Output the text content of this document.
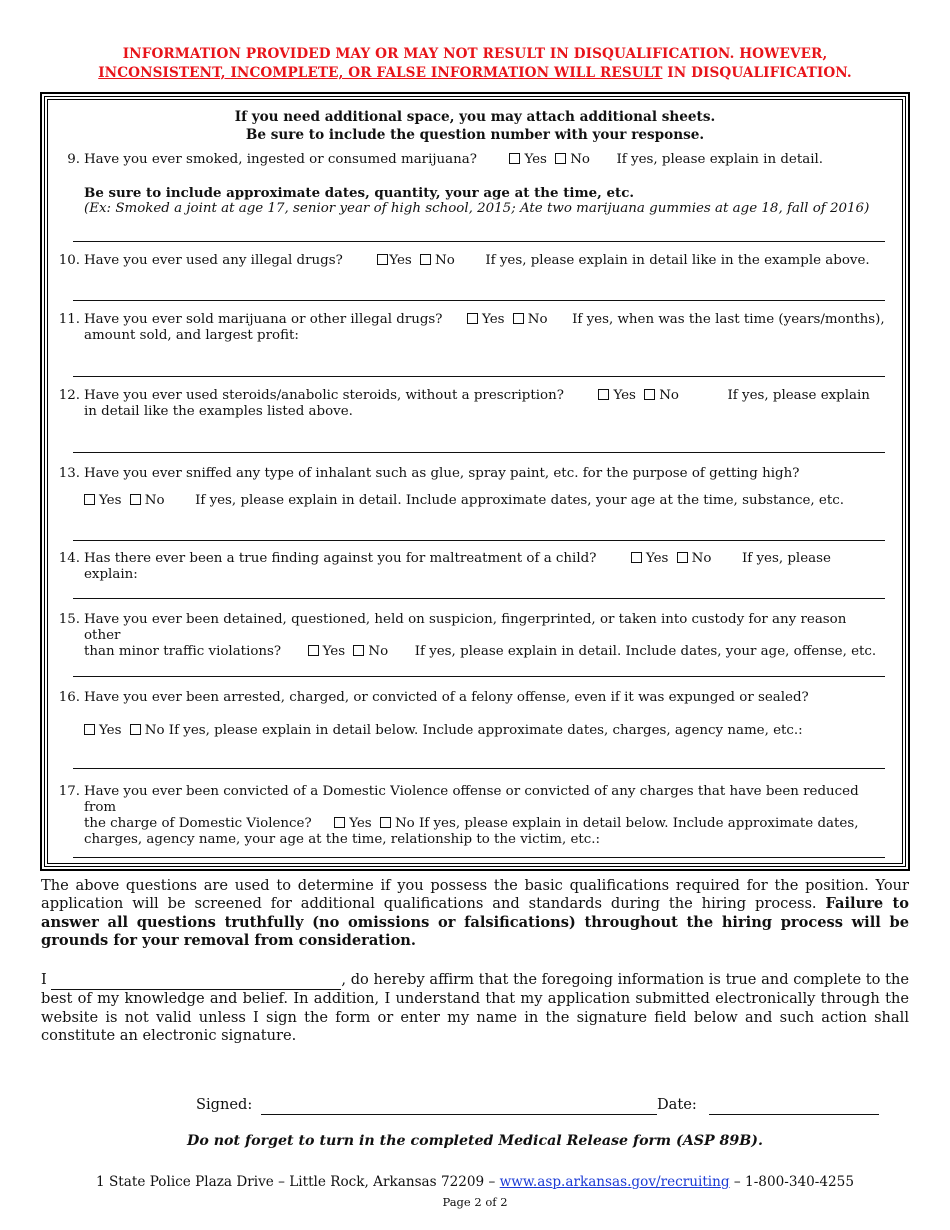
INFORMATION PROVIDED MAY OR MAY NOT RESULT IN DISQUALIFICATION. HOWEVER,
INCONSISTENT, INCOMPLETE, OR FALSE INFORMATION WILL RESULT IN DISQUALIFICATION.
If you need additional space, you may attach additional sheets.
Be sure to include the question number with your response.
9. Have you ever smoked, ingested or consumed marijuana?	Yes No If yes, please explain in detail.
Be sure to include approximate dates, quantity, your age at the time, etc.
(Ex: Smoked a joint at age 17, senior year of high school, 2015; Ate two marijuana gummies at age 18, fall of 2016)
10. Have you ever used any illegal drugs?	Yes No If yes, please explain in detail like in the example above.
11. Have you ever sold marijuana or other illegal drugs?	Yes No If yes, when was the last time (years/months),
amount sold, and largest profit:
12. Have you ever used steroids/anabolic steroids, without a prescription?	Yes No	If yes, please explain
in detail like the examples listed above.
13. Have you ever sniffed any type of inhalant such as glue, spray paint, etc. for the purpose of getting high?
Yes No If yes, please explain in detail. Include approximate dates, your age at the time, substance, etc.
14. Has there ever been a true finding against you for maltreatment of a child?	Yes No If yes, please explain:
15. Have you ever been detained, questioned, held on suspicion, fingerprinted, or taken into custody for any reason other
than minor traffic violations?	Yes No If yes, please explain in detail. Include dates, your age, offense, etc.
16. Have you ever been arrested, charged, or convicted of a felony offense, even if it was expunged or sealed?
Yes No If yes, please explain in detail below. Include approximate dates, charges, agency name, etc.:
17. Have you ever been convicted of a Domestic Violence offense or convicted of any charges that have been reduced from
the charge of Domestic Violence?	Yes No If yes, please explain in detail below. Include approximate dates,
charges, agency name, your age at the time, relationship to the victim, etc.:
The above questions are used to determine if you possess the basic qualifications required for the position. Your application will be screened for additional qualifications and standards during the hiring process. Failure to answer all questions truthfully (no omissions or falsifications) throughout the hiring process will be grounds for your removal from consideration.
I	, do hereby affirm that the foregoing information is true and complete to the best of my knowledge and belief. In addition, I understand that my application submitted electronically through the website is not valid unless I sign the form or enter my name in the signature field below and such action shall constitute an electronic signature.
Signed:	Date:
Do not forget to turn in the completed Medical Release form (ASP 89B).
1 State Police Plaza Drive – Little Rock, Arkansas 72209 – www.asp.arkansas.gov/recruiting – 1-800-340-4255
Page 2 of 2
